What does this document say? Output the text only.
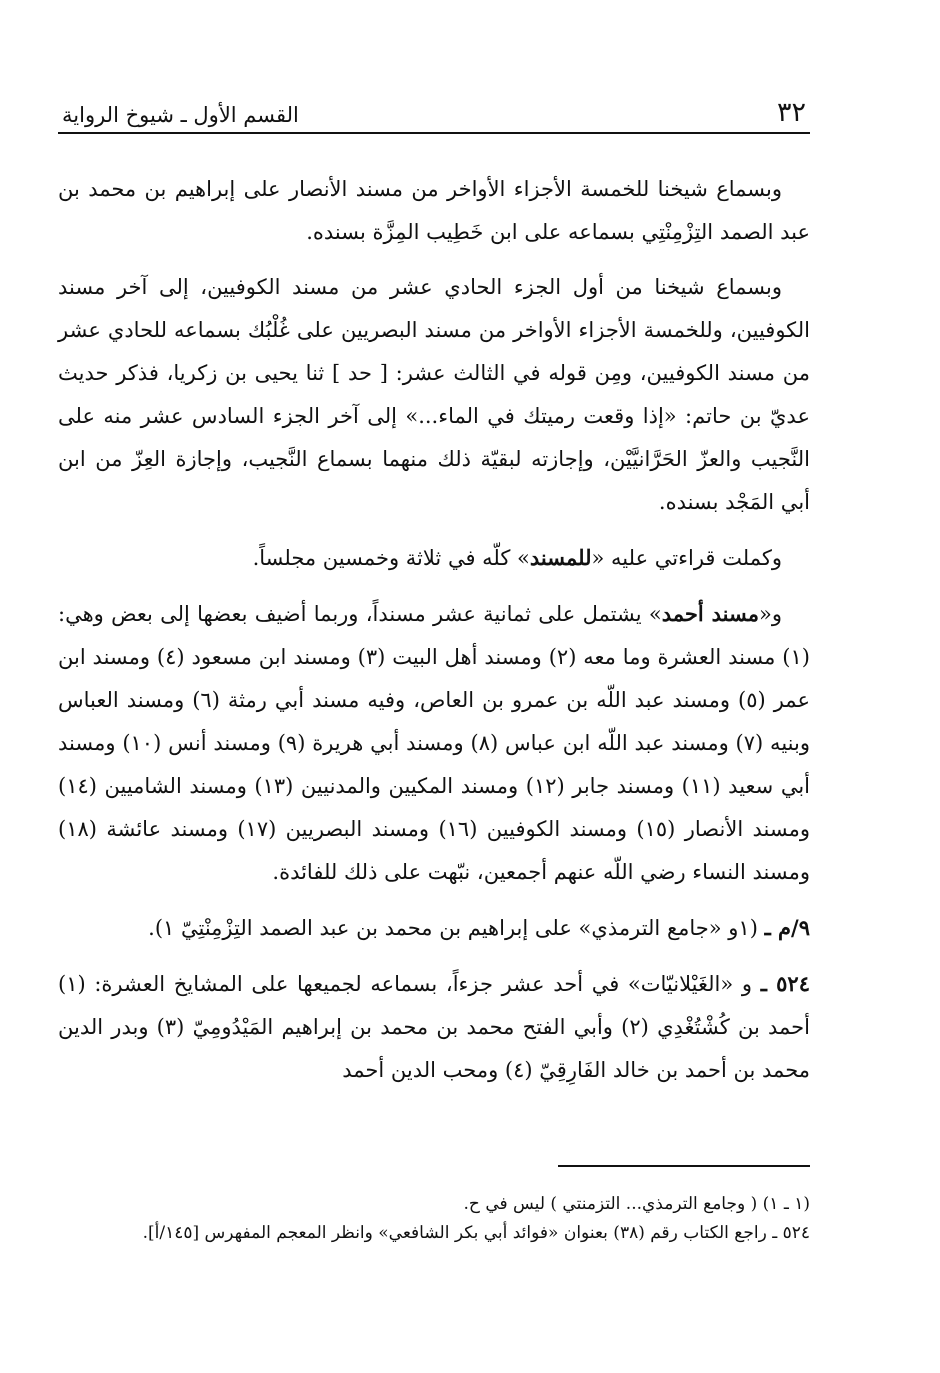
٣٢
القسم الأول ـ شيوخ الرواية

وبسماع شيخنا للخمسة الأجزاء الأواخر من مسند الأنصار على إبراهيم بن محمد بن عبد الصمد التِزْمِنْتِي بسماعه على ابن خَطِيب المِزَّة بسنده.

وبسماع شيخنا من أول الجزء الحادي عشر من مسند الكوفيين، إلى آخر مسند الكوفيين، وللخمسة الأجزاء الأواخر من مسند البصريين على غُلْبُك بسماعه للحادي عشر من مسند الكوفيين، ومِن قوله في الثالث عشر: [ حد ] ثنا يحيى بن زكريا، فذكر حديث عديّ بن حاتم: «إذا وقعت رميتك في الماء...» إلى آخر الجزء السادس عشر منه على النَّجيب والعزّ الحَرَّانيَّيْن، وإجازته لبقيّة ذلك منهما بسماع النَّجيب، وإجازة العِزّ من ابن أبي المَجْد بسنده.

وكملت قراءتي عليه «للمسند» كلّه في ثلاثة وخمسين مجلساً.

و«مسند أحمد» يشتمل على ثمانية عشر مسنداً، وربما أضيف بعضها إلى بعض وهي: (١) مسند العشرة وما معه (٢) ومسند أهل البيت (٣) ومسند ابن مسعود (٤) ومسند ابن عمر (٥) ومسند عبد اللّه بن عمرو بن العاص، وفيه مسند أبي رمثة (٦) ومسند العباس وبنيه (٧) ومسند عبد اللّه ابن عباس (٨) ومسند أبي هريرة (٩) ومسند أنس (١٠) ومسند أبي سعيد (١١) ومسند جابر (١٢) ومسند المكيين والمدنيين (١٣) ومسند الشاميين (١٤) ومسند الأنصار (١٥) ومسند الكوفيين (١٦) ومسند البصريين (١٧) ومسند عائشة (١٨) ومسند النساء رضي اللّه عنهم أجمعين، نبّهت على ذلك للفائدة.

٩/م ـ (١و «جامع الترمذي» على إبراهيم بن محمد بن عبد الصمد التِزْمِنْتِيّ ١).

٥٢٤ ـ و «الغَيْلانيّات» في أحد عشر جزءاً، بسماعه لجميعها على المشايخ العشرة: (١) أحمد بن كُشْتُغْدِي (٢) وأبي الفتح محمد بن محمد بن إبراهيم المَيْدُومِيّ (٣) وبدر الدين محمد بن أحمد بن خالد الفَارِقِيّ (٤) ومحب الدين أحمد

(١ ـ ١) ( وجامع الترمذي... التزمنتي ) ليس في ح.
٥٢٤ ـ راجع الكتاب رقم (٣٨) بعنوان «فوائد أبي بكر الشافعي» وانظر المعجم المفهرس [١٤٥/أ].
